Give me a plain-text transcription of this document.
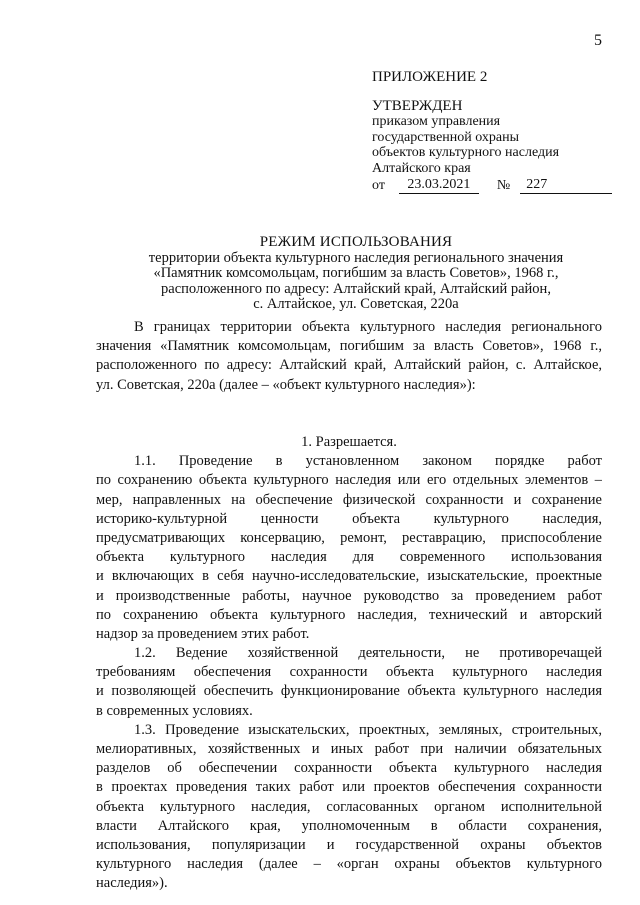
5
ПРИЛОЖЕНИЕ 2
УТВЕРЖДЕН
приказом управления
государственной охраны
объектов культурного наследия
Алтайского края
от	23.03.2021	№	227
РЕЖИМ ИСПОЛЬЗОВАНИЯ
территории объекта культурного наследия регионального значения
«Памятник комсомольцам, погибшим за власть Советов», 1968 г.,
расположенного по адресу: Алтайский край, Алтайский район,
с. Алтайское, ул. Советская, 220а
В границах территории объекта культурного наследия регионального
значения «Памятник комсомольцам, погибшим за власть Советов», 1968 г.,
расположенного по адресу: Алтайский край, Алтайский район, с. Алтайское,
ул. Советская, 220а (далее – «объект культурного наследия»):
1. Разрешается.
1.1. Проведение в установленном законом порядке работ
по сохранению объекта культурного наследия или его отдельных элементов –
мер, направленных на обеспечение физической сохранности и сохранение
историко-культурной ценности объекта культурного наследия,
предусматривающих консервацию, ремонт, реставрацию, приспособление
объекта культурного наследия для современного использования
и включающих в себя научно-исследовательские, изыскательские, проектные
и производственные работы, научное руководство за проведением работ
по сохранению объекта культурного наследия, технический и авторский
надзор за проведением этих работ.
1.2. Ведение хозяйственной деятельности, не противоречащей
требованиям обеспечения сохранности объекта культурного наследия
и позволяющей обеспечить функционирование объекта культурного наследия
в современных условиях.
1.3. Проведение изыскательских, проектных, земляных, строительных,
мелиоративных, хозяйственных и иных работ при наличии обязательных
разделов об обеспечении сохранности объекта культурного наследия
в проектах проведения таких работ или проектов обеспечения сохранности
объекта культурного наследия, согласованных органом исполнительной
власти Алтайского края, уполномоченным в области сохранения,
использования, популяризации и государственной охраны объектов
культурного наследия (далее – «орган охраны объектов культурного
наследия»).
